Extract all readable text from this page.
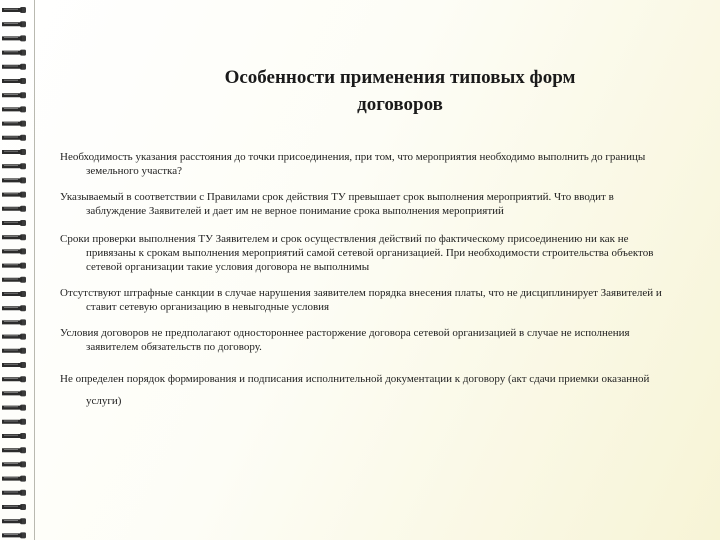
Особенности применения типовых форм
договоров

Необходимость указания расстояния до точки присоединения, при том, что мероприятия необходимо выполнить до границы земельного участка?

Указываемый в соответствии с Правилами срок действия ТУ превышает срок выполнения мероприятий. Что вводит в заблуждение Заявителей и дает им не верное понимание срока выполнения мероприятий

Сроки проверки выполнения ТУ Заявителем и срок осуществления действий по фактическому присоединению ни как не привязаны к срокам выполнения мероприятий самой сетевой организацией. При необходимости строительства объектов сетевой организации такие условия договора не выполнимы

Отсутствуют штрафные санкции в случае нарушения заявителем порядка внесения платы, что не дисциплинирует Заявителей и ставит сетевую организацию в невыгодные условия

Условия договоров не предполагают одностороннее расторжение договора сетевой организацией в случае не исполнения заявителем обязательств по договору.

Не определен порядок формирования и подписания исполнительной документации к договору (акт сдачи приемки оказанной услуги)
